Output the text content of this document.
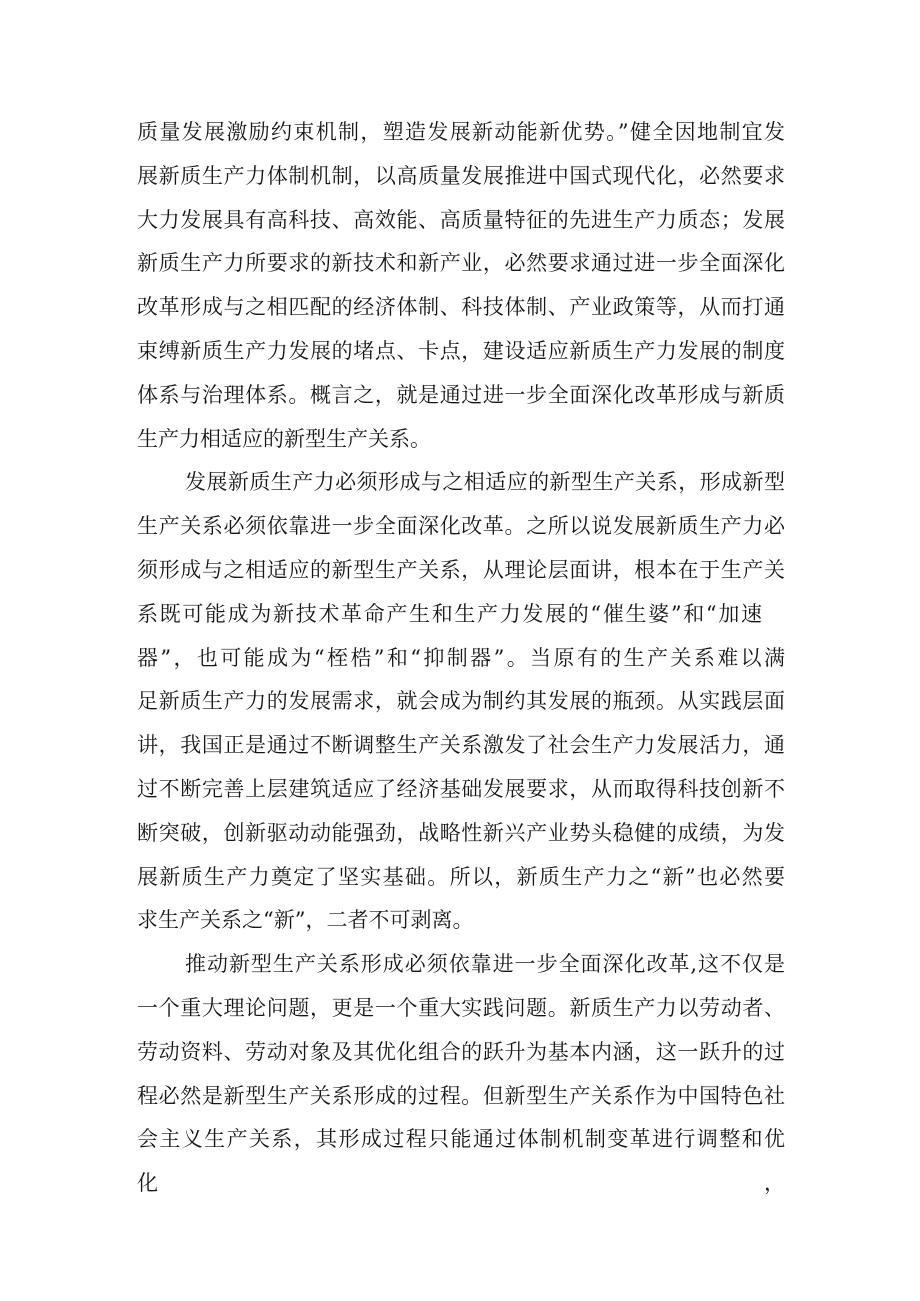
质量发展激励约束机制，塑造发展新动能新优势。”健全因地制宜发
展新质生产力体制机制，以高质量发展推进中国式现代化，必然要求
大力发展具有高科技、高效能、高质量特征的先进生产力质态；发展
新质生产力所要求的新技术和新产业，必然要求通过进一步全面深化
改革形成与之相匹配的经济体制、科技体制、产业政策等，从而打通
束缚新质生产力发展的堵点、卡点，建设适应新质生产力发展的制度
体系与治理体系。概言之，就是通过进一步全面深化改革形成与新质
生产力相适应的新型生产关系。
发展新质生产力必须形成与之相适应的新型生产关系，形成新型
生产关系必须依靠进一步全面深化改革。之所以说发展新质生产力必
须形成与之相适应的新型生产关系，从理论层面讲，根本在于生产关
系既可能成为新技术革命产生和生产力发展的“催生婆”和“加速
器”，也可能成为“桎梏”和“抑制器”。当原有的生产关系难以满
足新质生产力的发展需求，就会成为制约其发展的瓶颈。从实践层面
讲，我国正是通过不断调整生产关系激发了社会生产力发展活力，通
过不断完善上层建筑适应了经济基础发展要求，从而取得科技创新不
断突破，创新驱动动能强劲，战略性新兴产业势头稳健的成绩，为发
展新质生产力奠定了坚实基础。所以，新质生产力之“新”也必然要
求生产关系之“新”，二者不可剥离。
推动新型生产关系形成必须依靠进一步全面深化改革,这不仅是
一个重大理论问题，更是一个重大实践问题。新质生产力以劳动者、
劳动资料、劳动对象及其优化组合的跃升为基本内涵，这一跃升的过
程必然是新型生产关系形成的过程。但新型生产关系作为中国特色社
会主义生产关系，其形成过程只能通过体制机制变革进行调整和优化，
